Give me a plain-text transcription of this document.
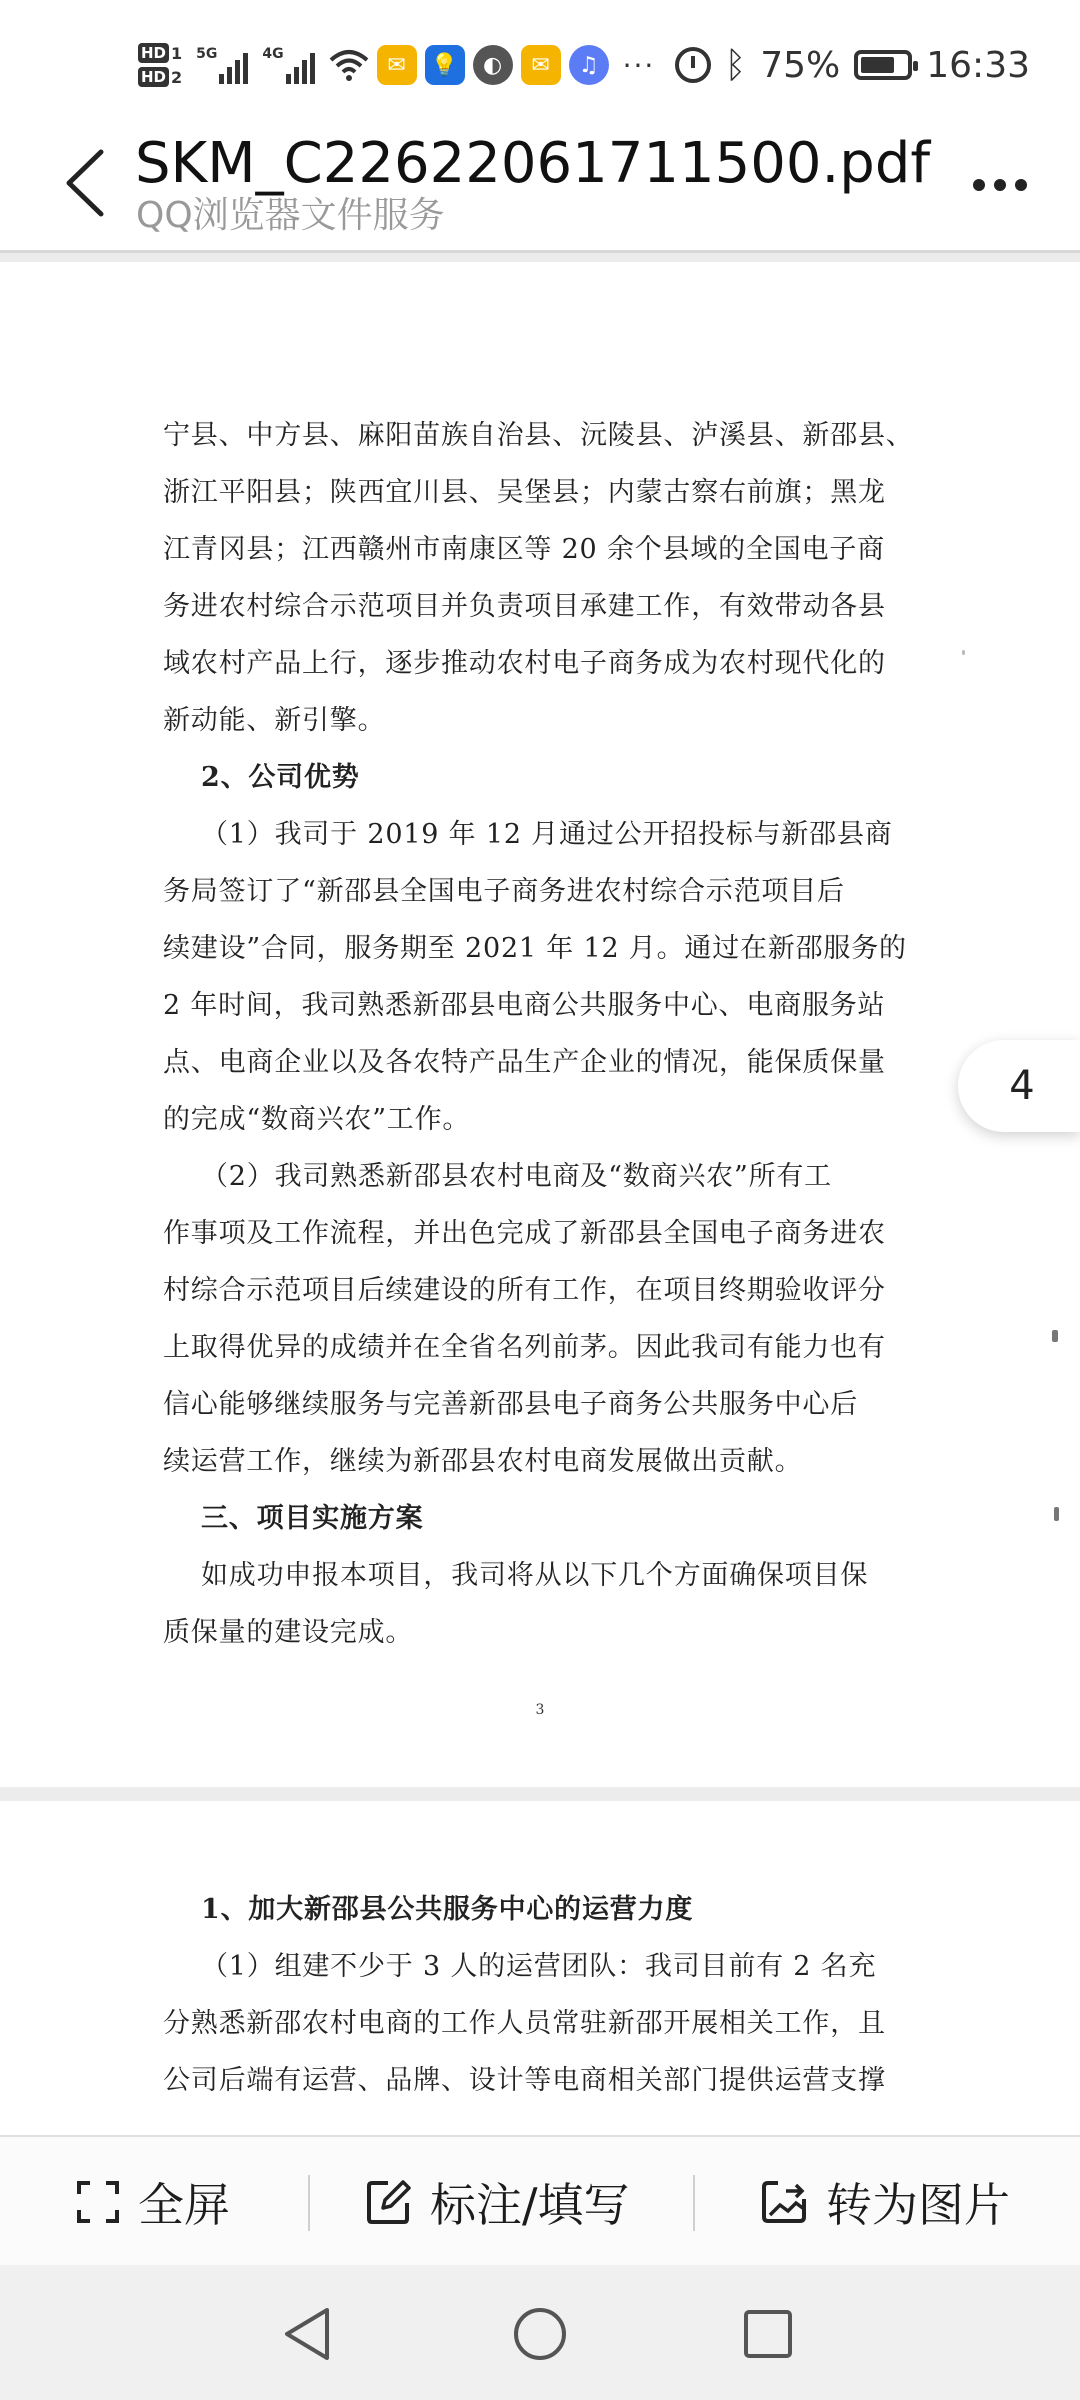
HD 1
HD 2
5G	4G	✉	💡	◐	✉	♫ ··· ᛒ 75% 16:33
SKM_C22622061711500.pdf
QQ浏览器文件服务
宁县、中方县、麻阳苗族自治县、沅陵县、泸溪县、新邵县、
浙江平阳县；陕西宜川县、吴堡县；内蒙古察右前旗；黑龙
江青冈县；江西赣州市南康区等 20 余个县域的全国电子商
务进农村综合示范项目并负责项目承建工作，有效带动各县
域农村产品上行，逐步推动农村电子商务成为农村现代化的
新动能、新引擎。
2、公司优势
（1）我司于 2019 年 12 月通过公开招投标与新邵县商
务局签订了“新邵县全国电子商务进农村综合示范项目后
续建设”合同，服务期至 2021 年 12 月。通过在新邵服务的
2 年时间，我司熟悉新邵县电商公共服务中心、电商服务站
点、电商企业以及各农特产品生产企业的情况，能保质保量
的完成“数商兴农”工作。
（2）我司熟悉新邵县农村电商及“数商兴农”所有工
作事项及工作流程，并出色完成了新邵县全国电子商务进农
村综合示范项目后续建设的所有工作，在项目终期验收评分
上取得优异的成绩并在全省名列前茅。因此我司有能力也有
信心能够继续服务与完善新邵县电子商务公共服务中心后
续运营工作，继续为新邵县农村电商发展做出贡献。
三、项目实施方案
如成功申报本项目，我司将从以下几个方面确保项目保
质保量的建设完成。
3
1、加大新邵县公共服务中心的运营力度
（1）组建不少于 3 人的运营团队：我司目前有 2 名充
分熟悉新邵农村电商的工作人员常驻新邵开展相关工作，且
公司后端有运营、品牌、设计等电商相关部门提供运营支撑
4
全屏	标注/填写	转为图片
